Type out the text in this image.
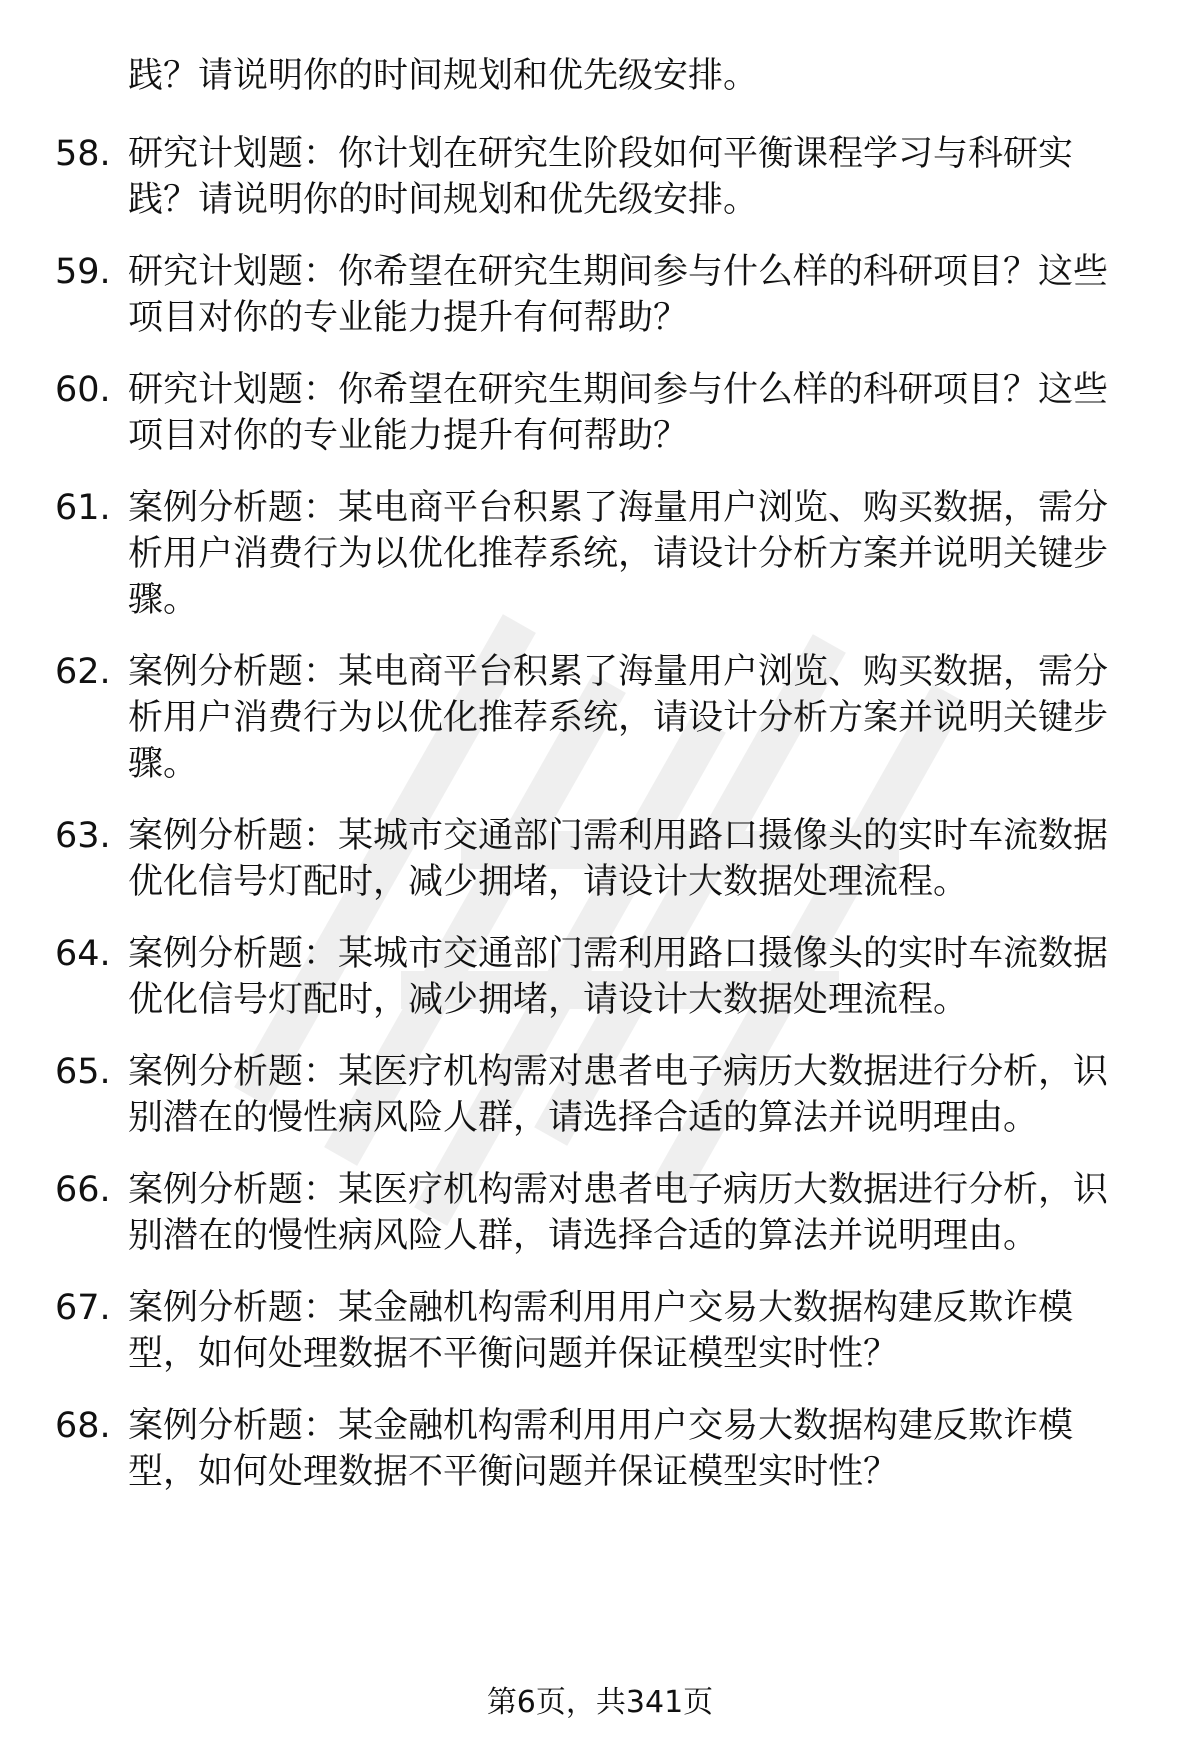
践？请说明你的时间规划和优先级安排。
58. 研究计划题：你计划在研究生阶段如何平衡课程学习与科研实
践？请说明你的时间规划和优先级安排。
59. 研究计划题：你希望在研究生期间参与什么样的科研项目？这些
项目对你的专业能力提升有何帮助？
60. 研究计划题：你希望在研究生期间参与什么样的科研项目？这些
项目对你的专业能力提升有何帮助？
61. 案例分析题：某电商平台积累了海量用户浏览、购买数据，需分
析用户消费行为以优化推荐系统，请设计分析方案并说明关键步
骤。
62. 案例分析题：某电商平台积累了海量用户浏览、购买数据，需分
析用户消费行为以优化推荐系统，请设计分析方案并说明关键步
骤。
63. 案例分析题：某城市交通部门需利用路口摄像头的实时车流数据
优化信号灯配时，减少拥堵，请设计大数据处理流程。
64. 案例分析题：某城市交通部门需利用路口摄像头的实时车流数据
优化信号灯配时，减少拥堵，请设计大数据处理流程。
65. 案例分析题：某医疗机构需对患者电子病历大数据进行分析，识
别潜在的慢性病风险人群，请选择合适的算法并说明理由。
66. 案例分析题：某医疗机构需对患者电子病历大数据进行分析，识
别潜在的慢性病风险人群，请选择合适的算法并说明理由。
67. 案例分析题：某金融机构需利用用户交易大数据构建反欺诈模
型，如何处理数据不平衡问题并保证模型实时性？
68. 案例分析题：某金融机构需利用用户交易大数据构建反欺诈模
型，如何处理数据不平衡问题并保证模型实时性？
第6页，共341页
